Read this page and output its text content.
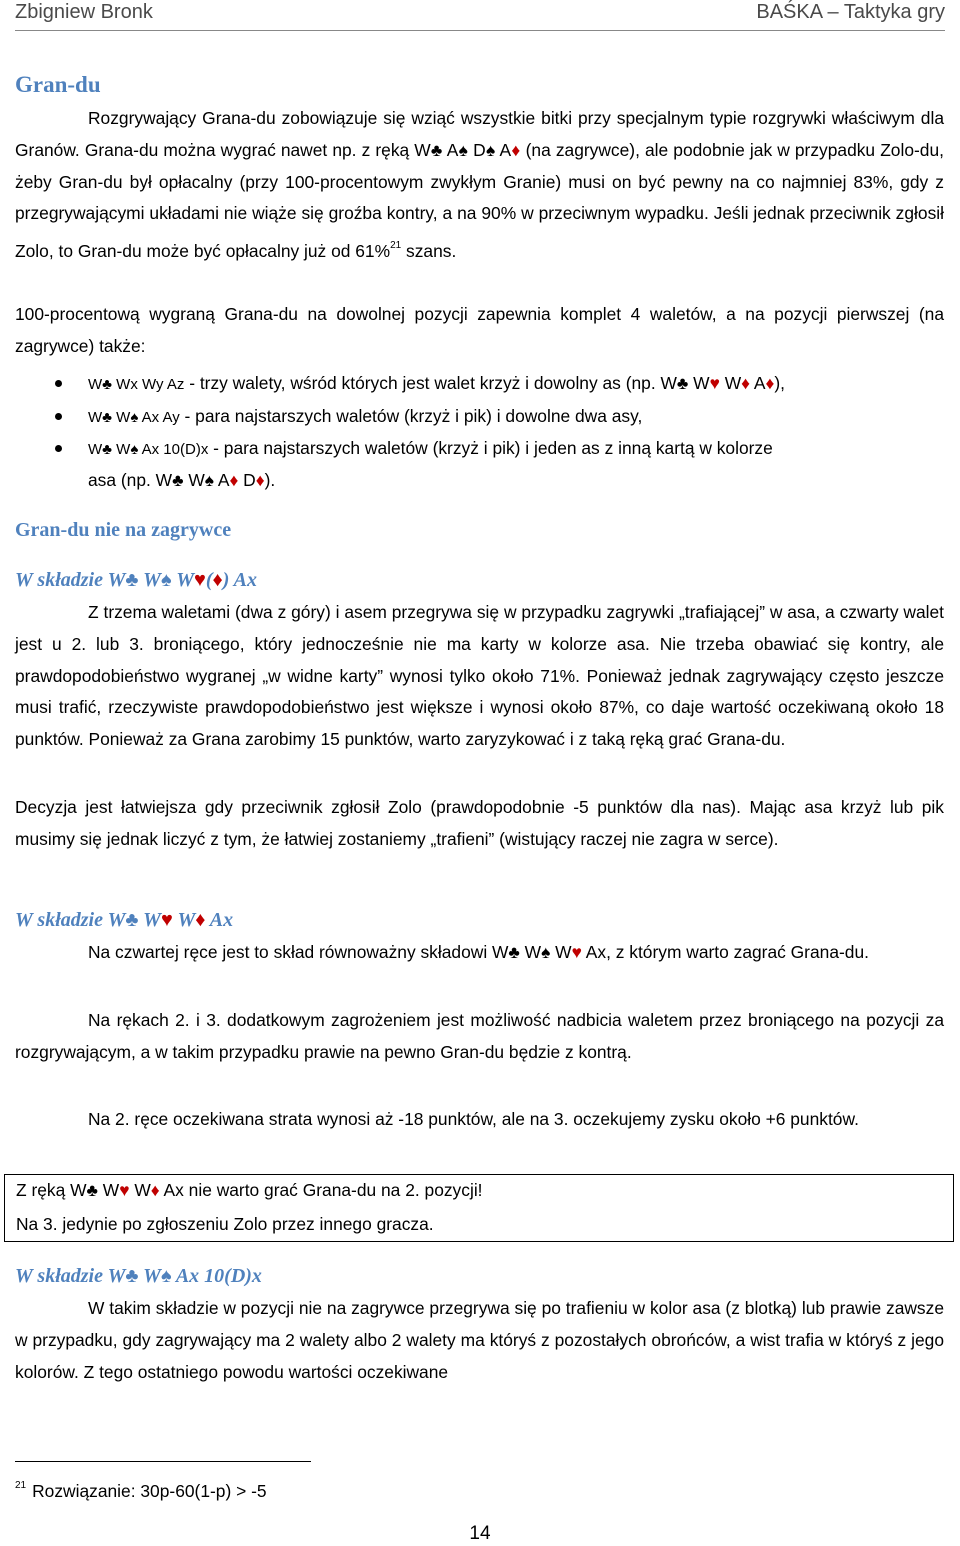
Zbigniew Bronk	BAŚKA – Taktyka gry
Gran-du

Rozgrywający Grana-du zobowiązuje się wziąć wszystkie bitki przy specjalnym typie rozgrywki właściwym dla Granów. Grana-du można wygrać nawet np. z ręką W♣ A♠ D♠ A♦ (na zagrywce), ale podobnie jak w przypadku Zolo-du, żeby Gran-du był opłacalny (przy 100-procentowym zwykłym Granie) musi on być pewny na co najmniej 83%, gdy z przegrywającymi układami nie wiąże się groźba kontry, a na 90% w przeciwnym wypadku. Jeśli jednak przeciwnik zgłosił Zolo, to Gran-du może być opłacalny już od 61%$^{21}$ szans.

100-procentową wygraną Grana-du na dowolnej pozycji zapewnia komplet 4 waletów, a na pozycji pierwszej (na zagrywce) także:

W♣ Wx Wy Az - trzy walety, wśród których jest walet krzyż i dowolny as (np. W♣ W♥ W♦ A♦),
W♣ W♠ Ax Ay - para najstarszych waletów (krzyż i pik) i dowolne dwa asy,
W♣ W♠ Ax 10(D)x - para najstarszych waletów (krzyż i pik) i jeden as z inną kartą w kolorze
asa (np. W♣ W♠ A♦ D♦).
Gran-du nie na zagrywce
W składzie W♣ W♠ W♥(♦) Ax

Z trzema waletami (dwa z góry) i asem przegrywa się w przypadku zagrywki „trafiającej” w asa, a czwarty walet jest u 2. lub 3. broniącego, który jednocześnie nie ma karty w kolorze asa. Nie trzeba obawiać się kontry, ale prawdopodobieństwo wygranej „w widne karty” wynosi tylko około 71%. Ponieważ jednak zagrywający często jeszcze musi trafić, rzeczywiste prawdopodobieństwo jest większe i wynosi około 87%, co daje wartość oczekiwaną około 18 punktów. Ponieważ za Grana zarobimy 15 punktów, warto zaryzykować i z taką ręką grać Grana-du.

Decyzja jest łatwiejsza gdy przeciwnik zgłosił Zolo (prawdopodobnie -5 punktów dla nas). Mając asa krzyż lub pik musimy się jednak liczyć z tym, że łatwiej zostaniemy „trafieni” (wistujący raczej nie zagra w serce).

W składzie W♣ W♥ W♦ Ax

Na czwartej ręce jest to skład równoważny składowi W♣ W♠ W♥ Ax, z którym warto zagrać Grana-du.

Na rękach 2. i 3. dodatkowym zagrożeniem jest możliwość nadbicia waletem przez broniącego na pozycji za rozgrywającym, a w takim przypadku prawie na pewno Gran-du będzie z kontrą.

Na 2. ręce oczekiwana strata wynosi aż -18 punktów, ale na 3. oczekujemy zysku około +6 punktów.

Z ręką W♣ W♥ W♦ Ax nie warto grać Grana-du na 2. pozycji!
Na 3. jedynie po zgłoszeniu Zolo przez innego gracza.
W składzie W♣ W♠ Ax 10(D)x

W takim składzie w pozycji nie na zagrywce przegrywa się po trafieniu w kolor asa (z blotką) lub prawie zawsze w przypadku, gdy zagrywający ma 2 walety albo 2 walety ma któryś z pozostałych obrońców, a wist trafia w któryś z jego kolorów. Z tego ostatniego powodu wartości oczekiwane

$^{21}$ Rozwiązanie: 30p-60(1-p) > -5
14
